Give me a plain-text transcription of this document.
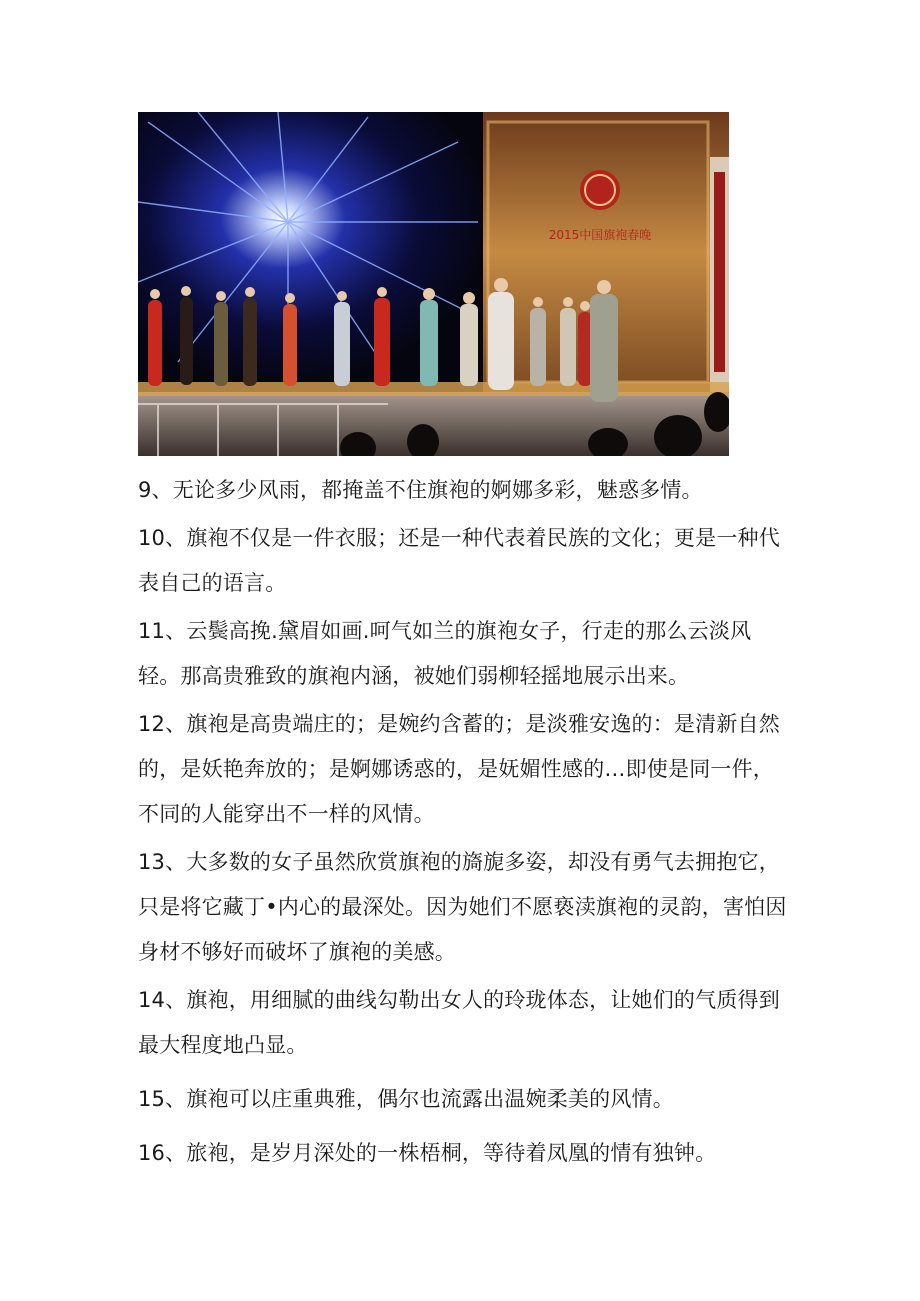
2015中国旗袍春晚

9、无论多少风雨，都掩盖不住旗袍的婀娜多彩，魅惑多情。

10、旗袍不仅是一件衣服；还是一种代表着民族的文化；更是一种代表自己的语言。

11、云鬓高挽.黛眉如画.呵气如兰的旗袍女子，行走的那么云淡风轻。那高贵雅致的旗袍内涵，被她们弱柳轻摇地展示出来。

12、旗袍是高贵端庄的；是婉约含蓄的；是淡雅安逸的：是清新自然的，是妖艳奔放的；是婀娜诱惑的，是妩媚性感的…即使是同一件，不同的人能穿出不一样的风情。

13、大多数的女子虽然欣赏旗袍的旖旎多姿，却没有勇气去拥抱它，只是将它藏丁•内心的最深处。因为她们不愿亵渎旗袍的灵韵，害怕因身材不够好而破坏了旗袍的美感。

14、旗袍，用细腻的曲线勾勒出女人的玲珑体态，让她们的气质得到最大程度地凸显。

15、旗袍可以庄重典雅，偶尔也流露出温婉柔美的风情。

16、旅袍，是岁月深处的一株梧桐，等待着凤凰的情有独钟。
